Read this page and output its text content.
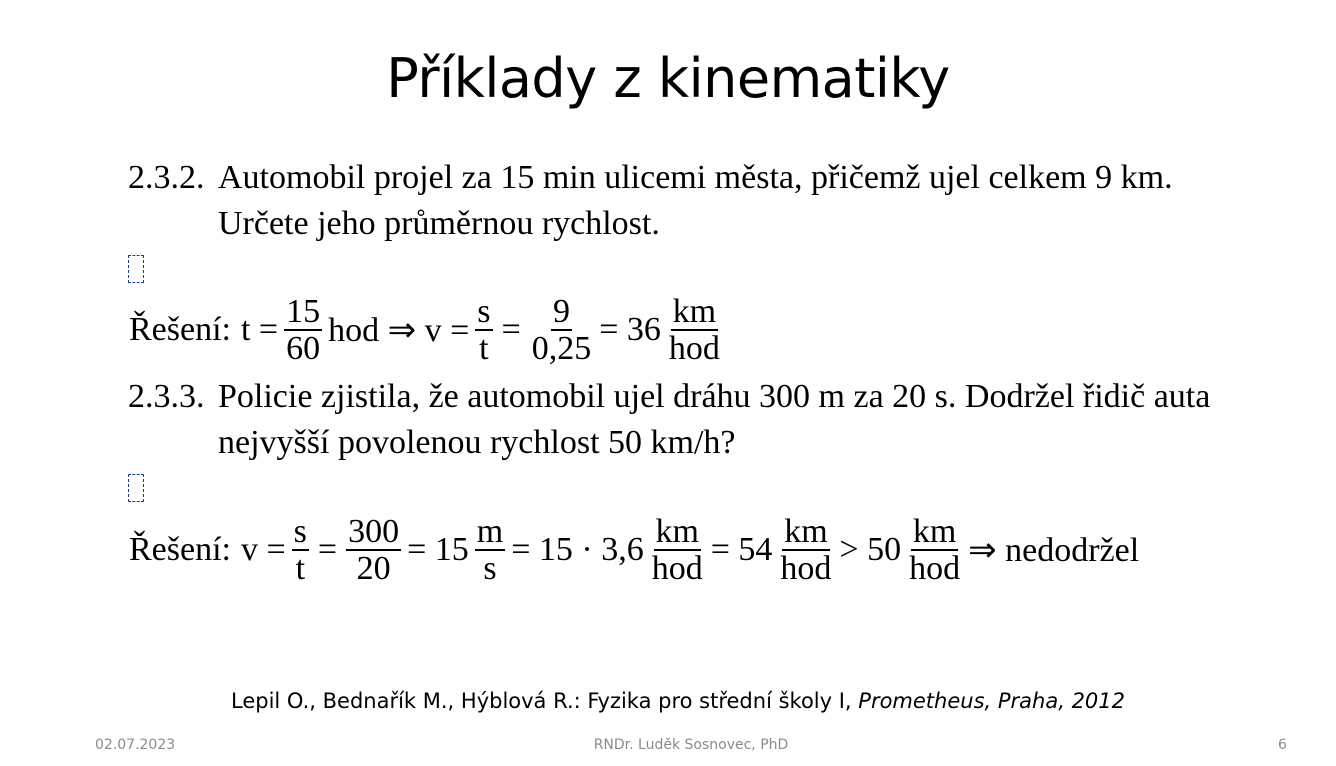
Příklady z kinematiky
2.3.2. Automobil projel za 15 min ulicemi města, přičemž ujel celkem 9 km.
Určete jeho průměrnou rychlost.
Řešení: $t = \frac{15}{60}$ hod ⇒ $v = \frac{s}{t} = \frac{9}{0,25} = 36 \frac{km}{\text{hod}}$
2.3.3. Policie zjistila, že automobil ujel dráhu 300 m za 20 s. Dodržel řidič auta
nejvyšší povolenou rychlost 50 km/h?
Řešení: $v = \frac{s}{t} = \frac{300}{20} = 15 \frac{m}{s} = 15 \cdot 3,6 \frac{km}{\text{hod}} = 54 \frac{km}{\text{hod}} > 50 \frac{km}{\text{hod}}$ ⇒ nedodržel
Lepil O., Bednařík M., Hýblová R.: Fyzika pro střední školy I, Prometheus, Praha, 2012
02.07.2023	RNDr. Luděk Sosnovec, PhD	6
